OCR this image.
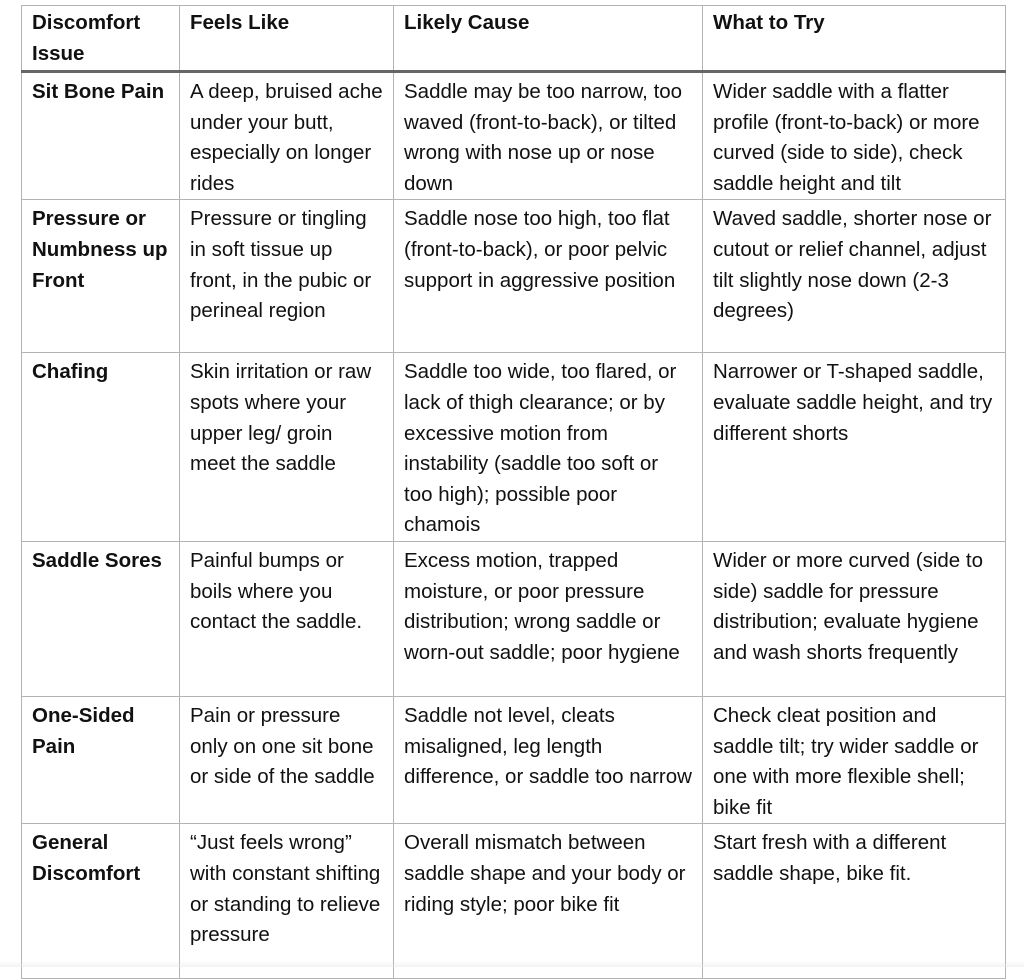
Discomfort Issue	Feels Like	Likely Cause	What to Try
Sit Bone Pain	A deep, bruised ache under your butt, especially on longer rides	Saddle may be too narrow, too waved (front-to-back), or tilted wrong with nose up or nose down	Wider saddle with a flatter profile (front-to-back) or more curved (side to side), check saddle height and tilt
Pressure or Numbness up Front	Pressure or tingling in soft tissue up front, in the pubic or perineal region	Saddle nose too high, too flat (front-to-back), or poor pelvic support in aggressive position	Waved saddle, shorter nose or cutout or relief channel, adjust tilt slightly nose down (2-3 degrees)
Chafing	Skin irritation or raw spots where your upper leg/ groin meet the saddle	Saddle too wide, too flared, or lack of thigh clearance; or by excessive motion from instability (saddle too soft or too high); possible poor chamois	Narrower or T-shaped saddle, evaluate saddle height, and try different shorts
Saddle Sores	Painful bumps or boils where you contact the saddle.	Excess motion, trapped moisture, or poor pressure distribution; wrong saddle or worn-out saddle; poor hygiene	Wider or more curved (side to side) saddle for pressure distribution; evaluate hygiene and wash shorts frequently
One-Sided Pain	Pain or pressure only on one sit bone or side of the saddle	Saddle not level, cleats misaligned, leg length difference, or saddle too narrow	Check cleat position and saddle tilt; try wider saddle or one with more flexible shell; bike fit
General Discomfort	“Just feels wrong” with constant shifting or standing to relieve pressure	Overall mismatch between saddle shape and your body or riding style; poor bike fit	Start fresh with a different saddle shape, bike fit.
